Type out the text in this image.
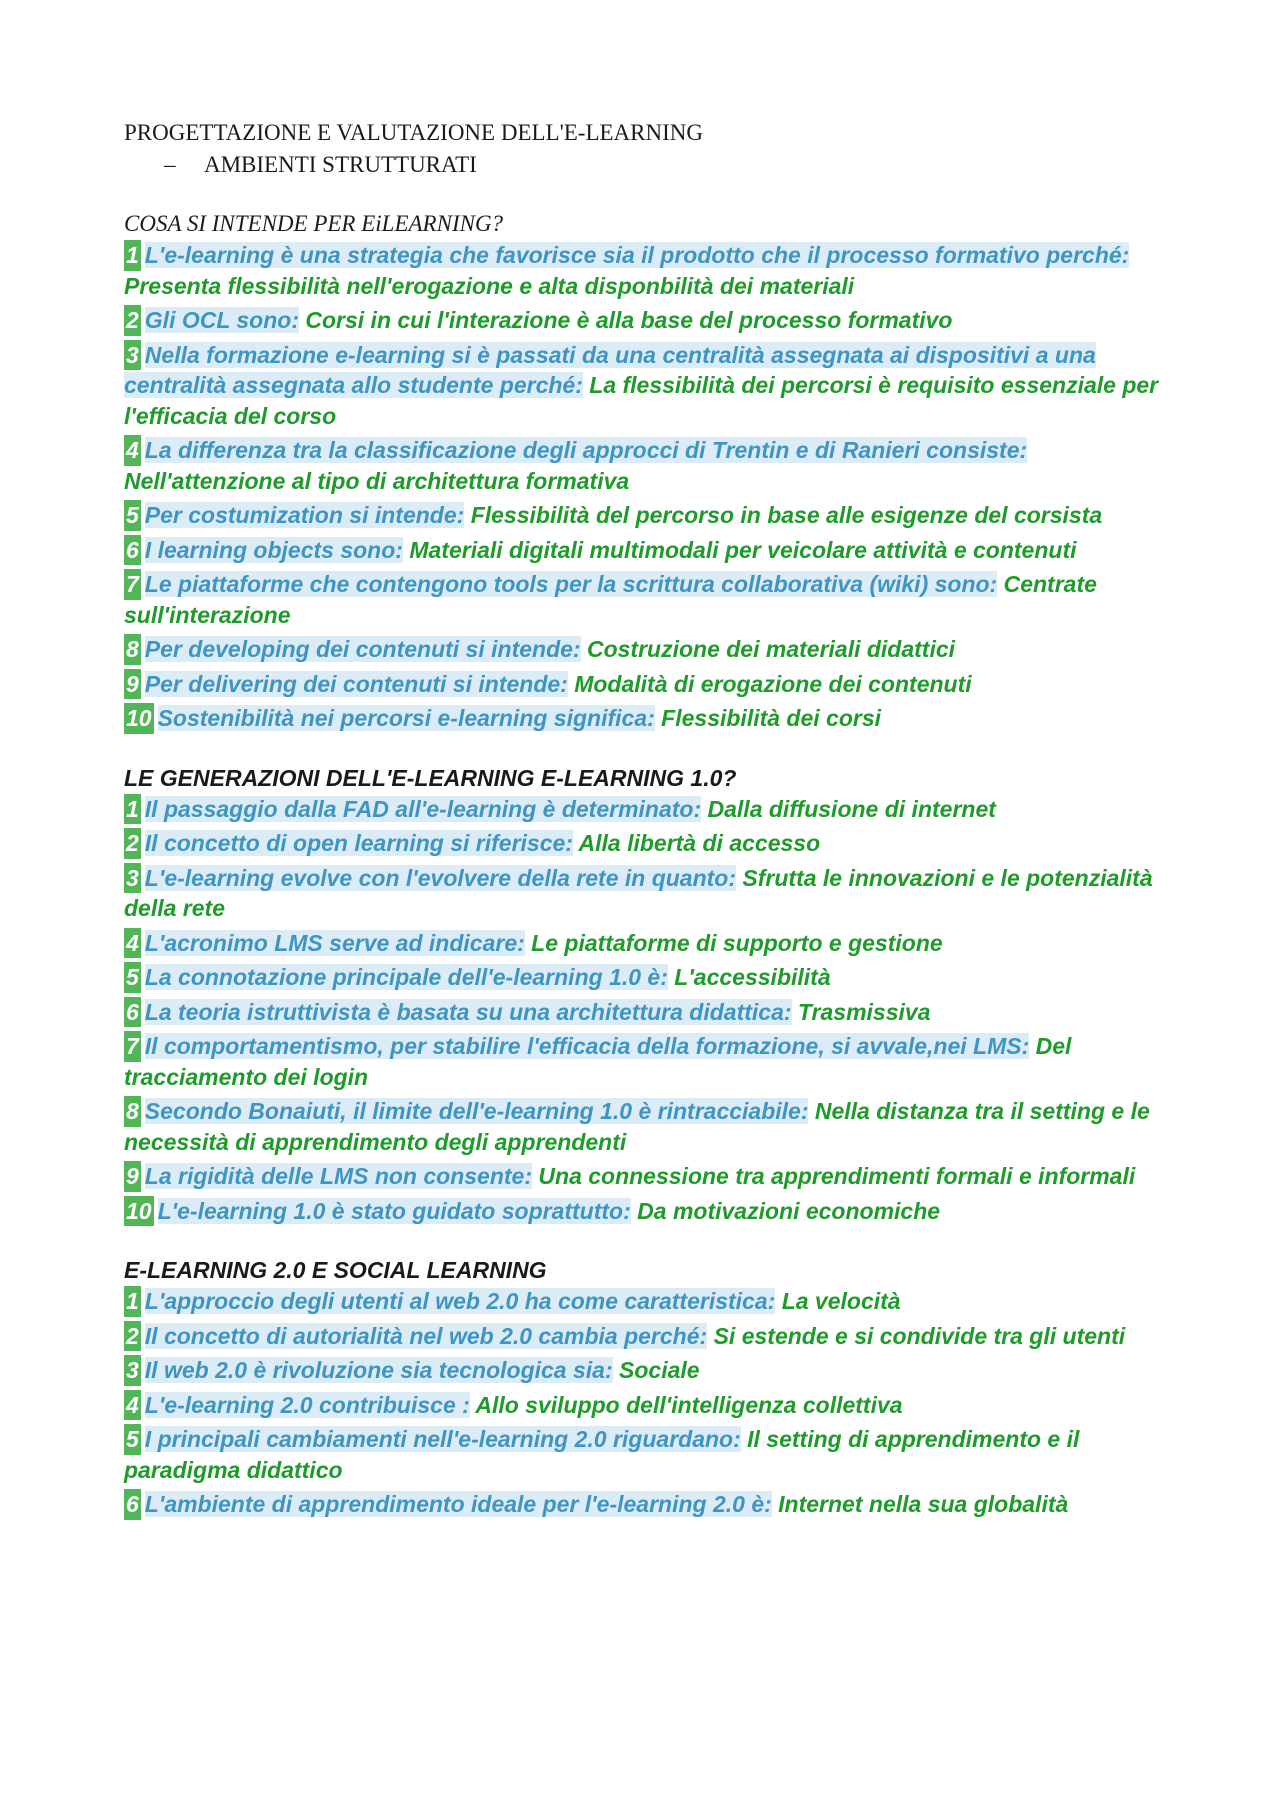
PROGETTAZIONE E VALUTAZIONE DELL'E-LEARNING

– AMBIENTI STRUTTURATI

COSA SI INTENDE PER EiLEARNING?

1 L'e-learning è una strategia che favorisce sia il prodotto che il processo formativo perché: Presenta flessibilità nell'erogazione e alta disponbilità dei materiali

2 Gli OCL sono: Corsi in cui l'interazione è alla base del processo formativo

3 Nella formazione e-learning si è passati da una centralità assegnata ai dispositivi a una centralità assegnata allo studente perché: La flessibilità dei percorsi è requisito essenziale per l'efficacia del corso

4 La differenza tra la classificazione degli approcci di Trentin e di Ranieri consiste: Nell'attenzione al tipo di architettura formativa

5 Per costumization si intende: Flessibilità del percorso in base alle esigenze del corsista

6 I learning objects sono: Materiali digitali multimodali per veicolare attività e contenuti

7 Le piattaforme che contengono tools per la scrittura collaborativa (wiki) sono: Centrate sull'interazione

8 Per developing dei contenuti si intende: Costruzione dei materiali didattici

9 Per delivering dei contenuti si intende: Modalità di erogazione dei contenuti

10 Sostenibilità nei percorsi e-learning significa: Flessibilità dei corsi

LE GENERAZIONI DELL'E-LEARNING E-LEARNING 1.0?

1 Il passaggio dalla FAD all'e-learning è determinato: Dalla diffusione di internet

2 Il concetto di open learning si riferisce: Alla libertà di accesso

3 L'e-learning evolve con l'evolvere della rete in quanto: Sfrutta le innovazioni e le potenzialità della rete

4 L'acronimo LMS serve ad indicare: Le piattaforme di supporto e gestione

5 La connotazione principale dell'e-learning 1.0 è: L'accessibilità

6 La teoria istruttivista è basata su una architettura didattica: Trasmissiva

7 Il comportamentismo, per stabilire l'efficacia della formazione, si avvale,nei LMS: Del tracciamento dei login

8 Secondo Bonaiuti, il limite dell'e-learning 1.0 è rintracciabile: Nella distanza tra il setting e le necessità di apprendimento degli apprendenti

9 La rigidità delle LMS non consente: Una connessione tra apprendimenti formali e informali

10 L'e-learning 1.0 è stato guidato soprattutto: Da motivazioni economiche

E-LEARNING 2.0 E SOCIAL LEARNING

1 L'approccio degli utenti al web 2.0 ha come caratteristica: La velocità

2 Il concetto di autorialità nel web 2.0 cambia perché: Si estende e si condivide tra gli utenti

3 Il web 2.0 è rivoluzione sia tecnologica sia: Sociale

4 L'e-learning 2.0 contribuisce : Allo sviluppo dell'intelligenza collettiva

5 I principali cambiamenti nell'e-learning 2.0 riguardano: Il setting di apprendimento e il paradigma didattico

6 L'ambiente di apprendimento ideale per l'e-learning 2.0 è: Internet nella sua globalità
